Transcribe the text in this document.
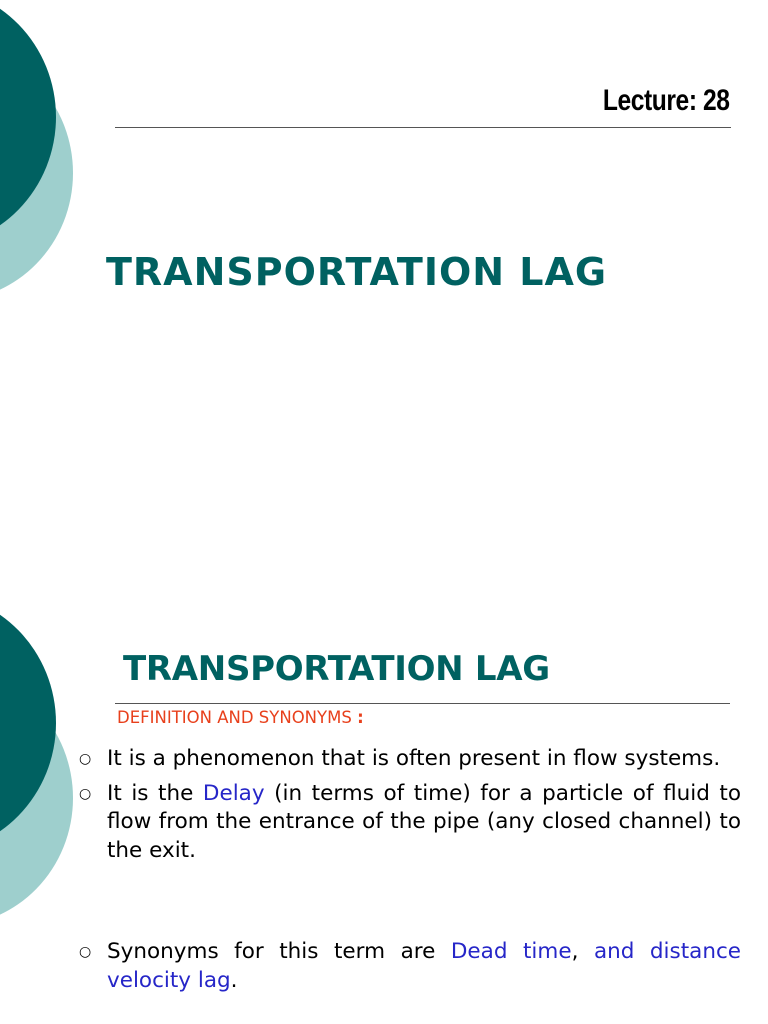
Lecture: 28
TRANSPORTATION LAG
TRANSPORTATION LAG

DEFINITION AND SYNONYMS :

○ It is a phenomenon that is often present in flow systems.
○ It is the Delay (in terms of time) for a particle of fluid to flow from the entrance of the pipe (any closed channel) to the exit.
○ Synonyms for this term are Dead time, and distance velocity lag.
